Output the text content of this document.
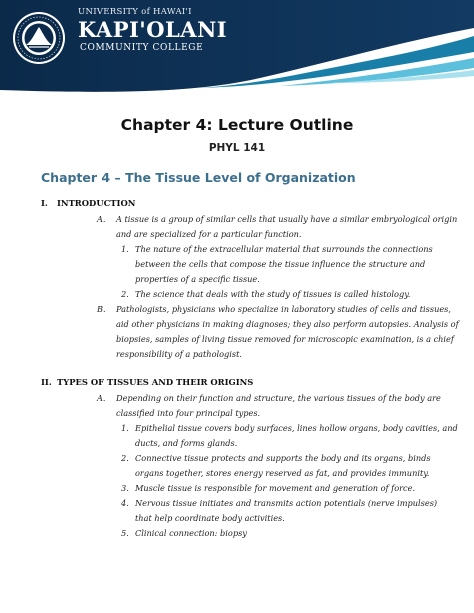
UNIVERSITY of HAWAI'I
KAPI'OLANI
COMMUNITY COLLEGE
Chapter 4: Lecture Outline
PHYL 141
Chapter 4 – The Tissue Level of Organization
I. INTRODUCTION
A. A tissue is a group of similar cells that usually have a similar embryological origin
and are specialized for a particular function.
1. The nature of the extracellular material that surrounds the connections
between the cells that compose the tissue influence the structure and
properties of a specific tissue.
2. The science that deals with the study of tissues is called histology.
B. Pathologists, physicians who specialize in laboratory studies of cells and tissues,
aid other physicians in making diagnoses; they also perform autopsies. Analysis of
biopsies, samples of living tissue removed for microscopic examination, is a chief
responsibility of a pathologist.
II. TYPES OF TISSUES AND THEIR ORIGINS
A. Depending on their function and structure, the various tissues of the body are
classified into four principal types.
1. Epithelial tissue covers body surfaces, lines hollow organs, body cavities, and
ducts, and forms glands.
2. Connective tissue protects and supports the body and its organs, binds
organs together, stores energy reserved as fat, and provides immunity.
3. Muscle tissue is responsible for movement and generation of force.
4. Nervous tissue initiates and transmits action potentials (nerve impulses)
that help coordinate body activities.
5. Clinical connection: biopsy
